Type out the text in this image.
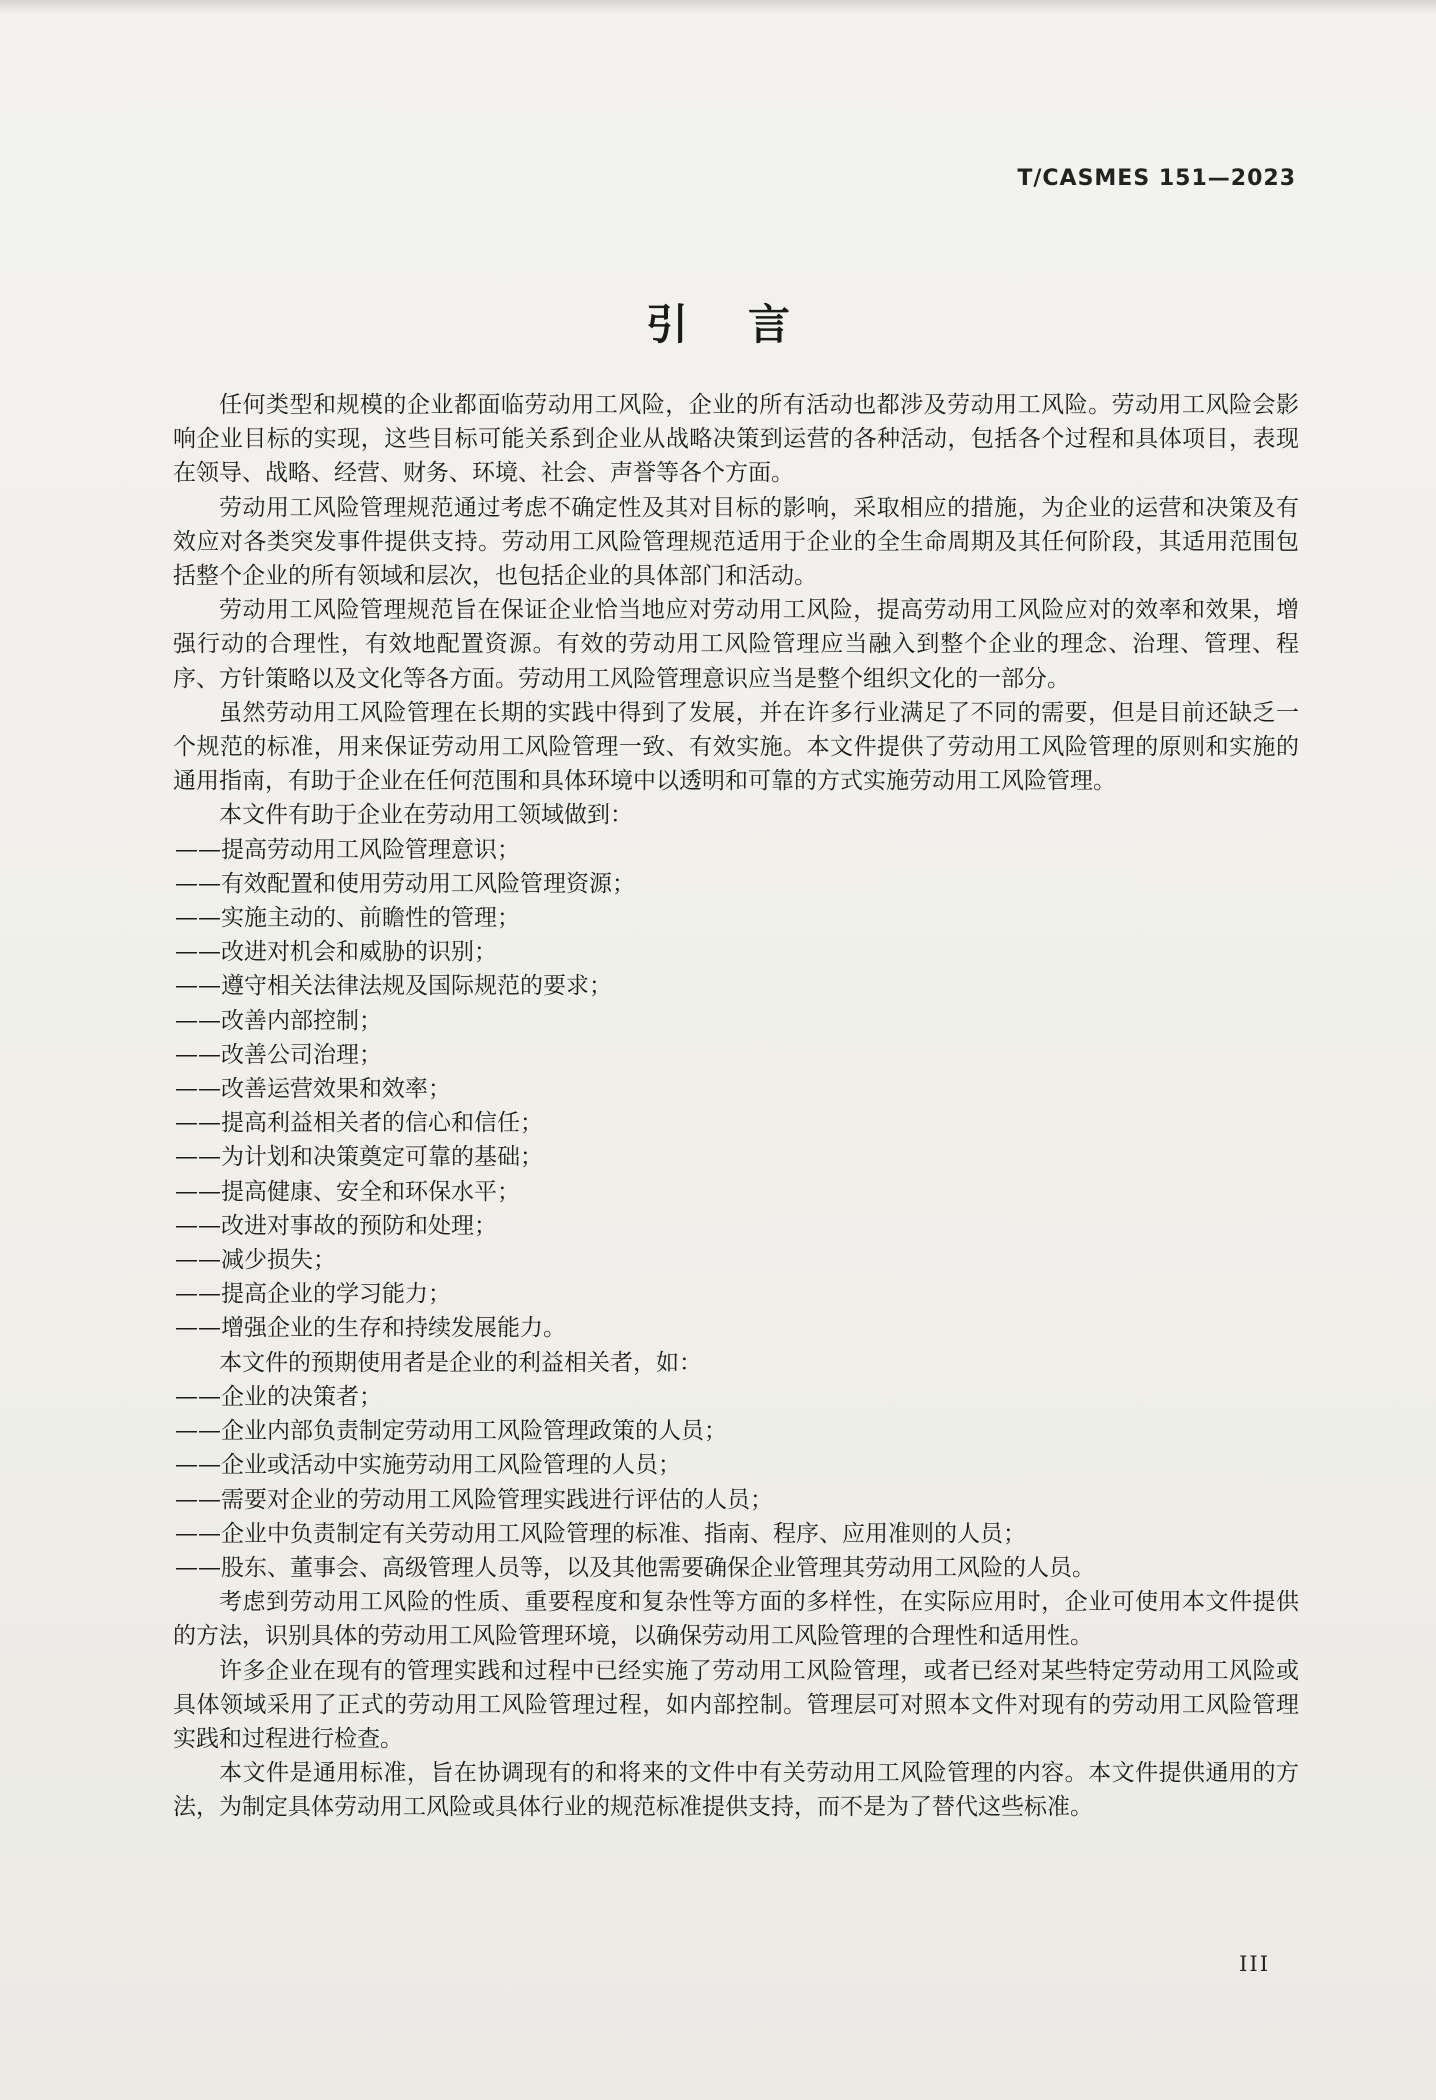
T/CASMES 151—2023
引言

任何类型和规模的企业都面临劳动用工风险，企业的所有活动也都涉及劳动用工风险。劳动用工风险会影响企业目标的实现，这些目标可能关系到企业从战略决策到运营的各种活动，包括各个过程和具体项目，表现在领导、战略、经营、财务、环境、社会、声誉等各个方面。

劳动用工风险管理规范通过考虑不确定性及其对目标的影响，采取相应的措施，为企业的运营和决策及有效应对各类突发事件提供支持。劳动用工风险管理规范适用于企业的全生命周期及其任何阶段，其适用范围包括整个企业的所有领域和层次，也包括企业的具体部门和活动。

劳动用工风险管理规范旨在保证企业恰当地应对劳动用工风险，提高劳动用工风险应对的效率和效果，增强行动的合理性，有效地配置资源。有效的劳动用工风险管理应当融入到整个企业的理念、治理、管理、程序、方针策略以及文化等各方面。劳动用工风险管理意识应当是整个组织文化的一部分。

虽然劳动用工风险管理在长期的实践中得到了发展，并在许多行业满足了不同的需要，但是目前还缺乏一个规范的标准，用来保证劳动用工风险管理一致、有效实施。本文件提供了劳动用工风险管理的原则和实施的通用指南，有助于企业在任何范围和具体环境中以透明和可靠的方式实施劳动用工风险管理。

本文件有助于企业在劳动用工领域做到：

——提高劳动用工风险管理意识；

——有效配置和使用劳动用工风险管理资源；

——实施主动的、前瞻性的管理；

——改进对机会和威胁的识别；

——遵守相关法律法规及国际规范的要求；

——改善内部控制；

——改善公司治理；

——改善运营效果和效率；

——提高利益相关者的信心和信任；

——为计划和决策奠定可靠的基础；

——提高健康、安全和环保水平；

——改进对事故的预防和处理；

——减少损失；

——提高企业的学习能力；

——增强企业的生存和持续发展能力。

本文件的预期使用者是企业的利益相关者，如：

——企业的决策者；

——企业内部负责制定劳动用工风险管理政策的人员；

——企业或活动中实施劳动用工风险管理的人员；

——需要对企业的劳动用工风险管理实践进行评估的人员；

——企业中负责制定有关劳动用工风险管理的标准、指南、程序、应用准则的人员；

——股东、董事会、高级管理人员等，以及其他需要确保企业管理其劳动用工风险的人员。

考虑到劳动用工风险的性质、重要程度和复杂性等方面的多样性，在实际应用时，企业可使用本文件提供的方法，识别具体的劳动用工风险管理环境，以确保劳动用工风险管理的合理性和适用性。

许多企业在现有的管理实践和过程中已经实施了劳动用工风险管理，或者已经对某些特定劳动用工风险或具体领域采用了正式的劳动用工风险管理过程，如内部控制。管理层可对照本文件对现有的劳动用工风险管理实践和过程进行检查。

本文件是通用标准，旨在协调现有的和将来的文件中有关劳动用工风险管理的内容。本文件提供通用的方法，为制定具体劳动用工风险或具体行业的规范标准提供支持，而不是为了替代这些标准。

III
